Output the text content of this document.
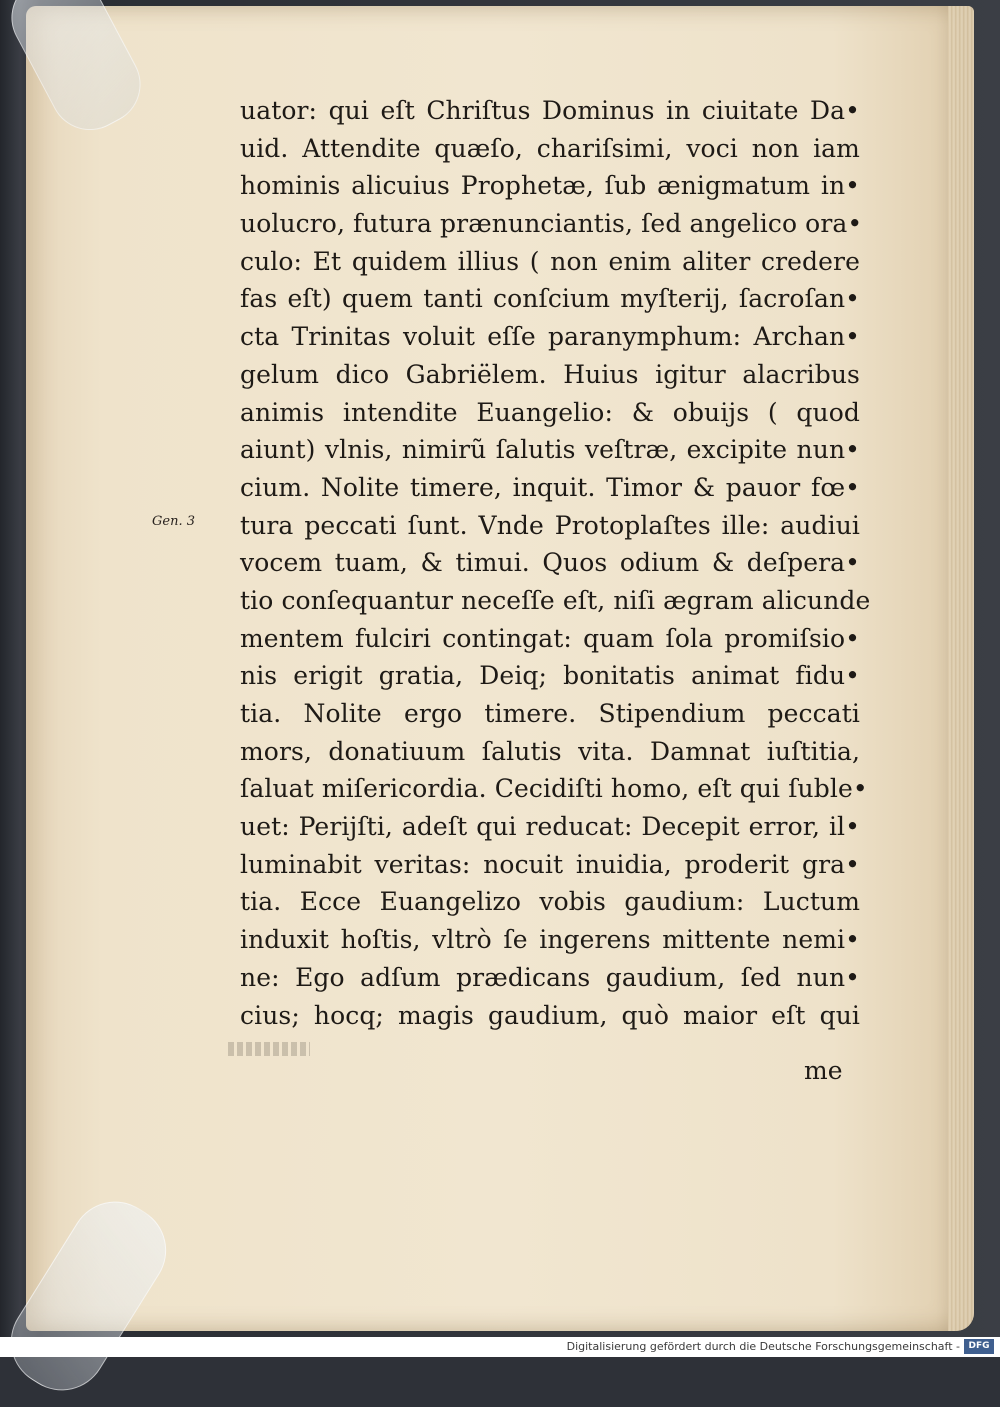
Gen. 3
uator: qui eſt Chriſtus Dominus in ciuitate Da•
uid. Attendite quæſo, chariſsimi, voci non iam
hominis alicuius Prophetæ, ſub ænigmatum in•
uolucro, futura prænunciantis, ſed angelico ora•
culo: Et quidem illius ( non enim aliter credere
fas eſt) quem tanti conſcium myſterij, ſacroſan•
cta Trinitas voluit eſſe paranymphum: Archan•
gelum dico Gabriëlem. Huius igitur alacribus
animis intendite Euangelio: & obuijs ( quod
aiunt) vlnis, nimirũ ſalutis veſtræ, excipite nun•
cium. Nolite timere, inquit. Timor & pauor fœ•
tura peccati ſunt. Vnde Protoplaſtes ille: audiui
vocem tuam, & timui. Quos odium & deſpera•
tio conſequantur neceſſe eſt, niſi ægram alicunde
mentem fulciri contingat: quam ſola promiſsio•
nis erigit gratia, Deiq; bonitatis animat fidu•
tia. Nolite ergo timere. Stipendium peccati
mors, donatiuum ſalutis vita. Damnat iuſtitia,
ſaluat miſericordia. Cecidiſti homo, eſt qui ſuble•
uet: Perijſti, adeſt qui reducat: Decepit error, il•
luminabit veritas: nocuit inuidia, proderit gra•
tia. Ecce Euangelizo vobis gaudium: Luctum
induxit hoſtis, vltrò ſe ingerens mittente nemi•
ne: Ego adſum prædicans gaudium, ſed nun•
cius; hocq; magis gaudium, quò maior eſt qui
me
Digitalisierung gefördert durch die Deutsche Forschungsgemeinschaft - DFG
